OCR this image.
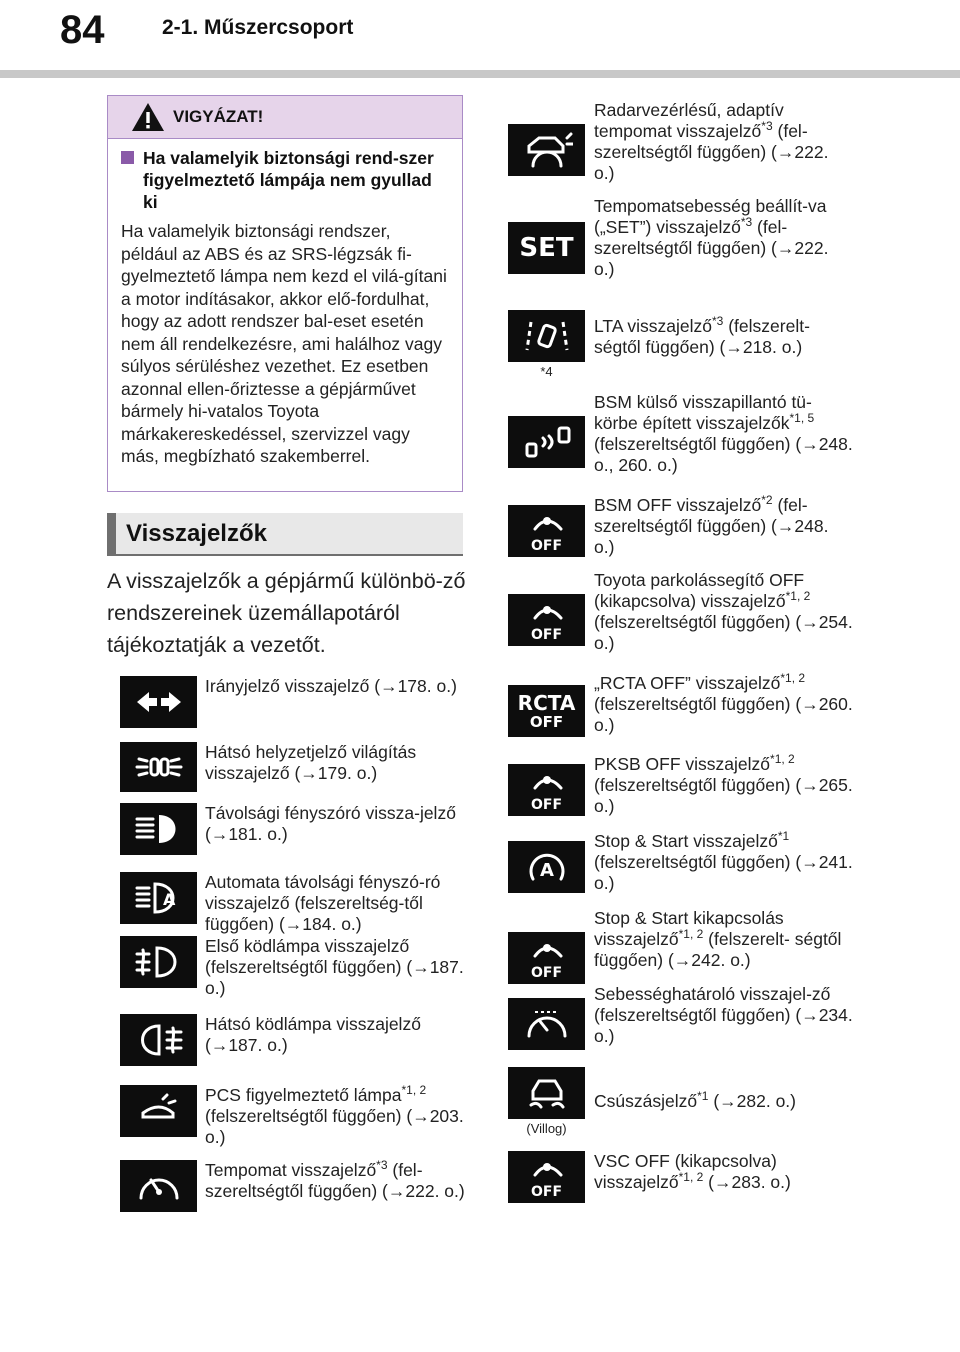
84	2-1. Műszercsoport
VIGYÁZAT!
Ha valamelyik biztonsági rend-szer figyelmeztető lámpája nem gyullad ki
Ha valamelyik biztonsági rendszer, például az ABS és az SRS-légzsák fi-gyelmeztető lámpa nem kezd el vilá-gítani a motor indításakor, akkor elő-fordulhat, hogy az adott rendszer bal-eset esetén nem áll rendelkezésre, ami halálhoz vagy súlyos sérüléshez vezethet. Ez esetben azonnal ellen-őriztesse a gépjárművet bármely hi-vatalos Toyota márkakereskedéssel, szervizzel vagy más, megbízható szakemberrel.
Visszajelzők
A visszajelzők a gépjármű különbö-ző rendszereinek üzemállapotáról tájékoztatják a vezetőt.
Irányjelző visszajelző (→178. o.)
Hátsó helyzetjelző világítás visszajelző (→179. o.)
Távolsági fényszóró vissza-jelző (→181. o.)
A
Automata távolsági fényszó-ró visszajelző (felszereltség-től függően) (→184. o.)
Első ködlámpa visszajelző (felszereltségtől függően) (→187. o.)
Hátsó ködlámpa visszajelző (→187. o.)
PCS figyelmeztető lámpa$^{*1, 2}$ (felszereltségtől függően) (→203. o.)
Tempomat visszajelző$^{*3}$ (fel- szereltségtől függően) (→222. o.)
Radarvezérlésű, adaptív tempomat visszajelző$^{*3}$ (fel- szereltségtől függően) (→222. o.)
SET
Tempomatsebesség beállít-va („SET”) visszajelző$^{*3}$ (fel- szereltségtől függően) (→222. o.)
*4
LTA visszajelző$^{*3}$ (felszerelt- ségtől függően) (→218. o.)
BSM külső visszapillantó tü-körbe épített visszajelzők$^{*1, 5}$ (felszereltségtől függően) (→248. o., 260. o.)
OFF
BSM OFF visszajelző$^{*2}$ (fel- szereltségtől függően) (→248. o.)
OFF
Toyota parkolássegítő OFF (kikapcsolva) visszajelző$^{*1, 2}$ (felszereltségtől függően) (→254. o.)
RCTA
OFF
„RCTA OFF” visszajelző$^{*1, 2}$ (felszereltségtől függően) (→260. o.)
OFF
PKSB OFF visszajelző$^{*1, 2}$ (felszereltségtől függően) (→265. o.)
A
Stop & Start visszajelző$^{*1}$ (felszereltségtől függően) (→241. o.)
OFF
Stop & Start kikapcsolás visszajelző$^{*1, 2}$ (felszerelt- ségtől függően) (→242. o.)
Sebességhatároló visszajel-ző (felszereltségtől függően) (→234. o.)
(Villog)
Csúszásjelző$^{*1}$ (→282. o.)
OFF
VSC OFF (kikapcsolva) visszajelző$^{*1, 2}$ (→283. o.)
